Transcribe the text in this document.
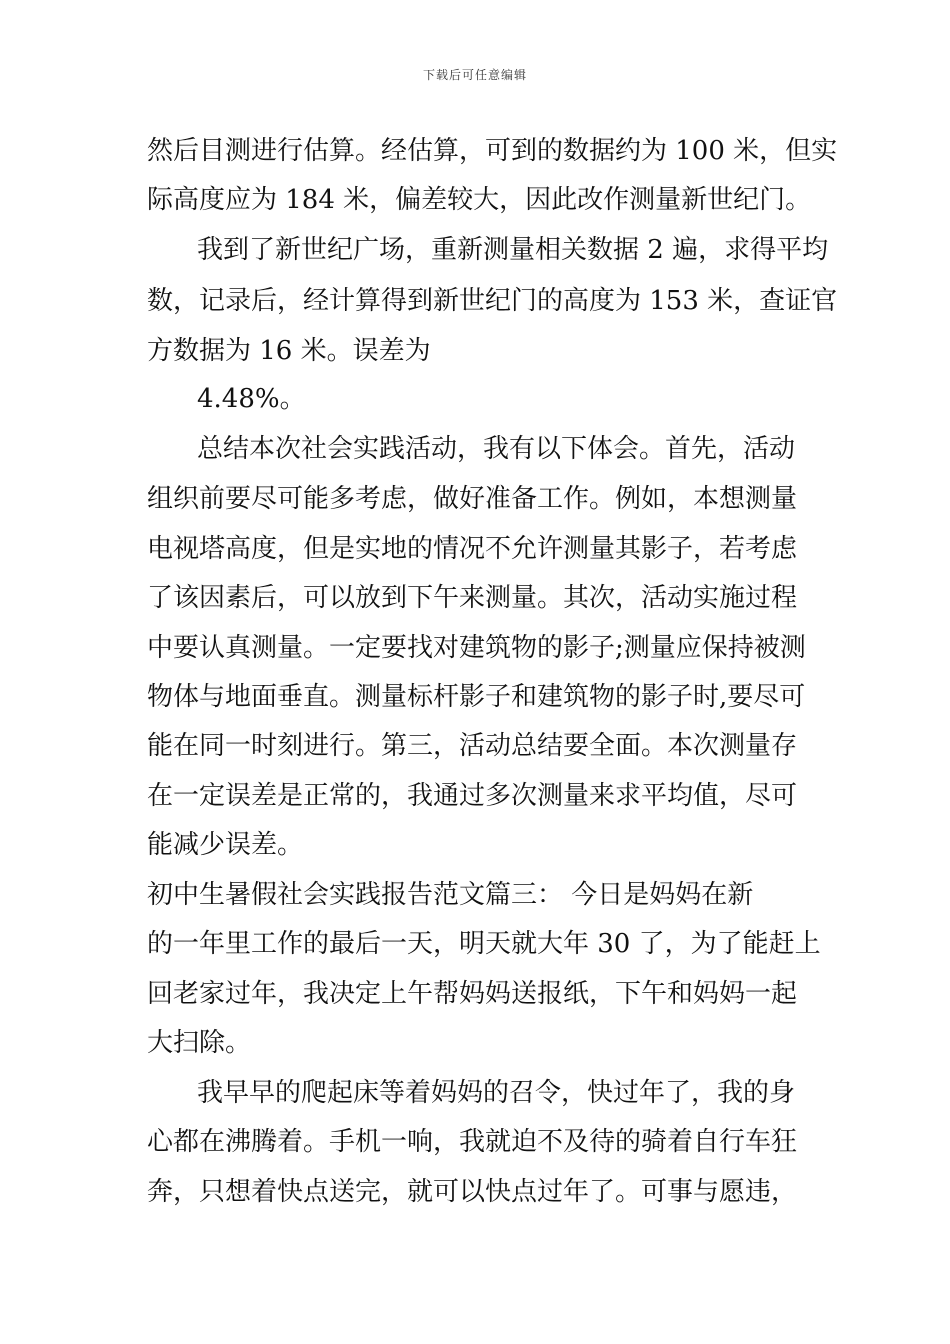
下载后可任意编辑
然后目测进行估算。经估算，可到的数据约为 100 米，但实
际高度应为 184 米，偏差较大，因此改作测量新世纪门。
我到了新世纪广场，重新测量相关数据 2 遍，求得平均
数，记录后，经计算得到新世纪门的高度为 153 米，查证官
方数据为 16 米。误差为
4.48%。
总结本次社会实践活动，我有以下体会。首先，活动
组织前要尽可能多考虑，做好准备工作。例如，本想测量
电视塔高度，但是实地的情况不允许测量其影子，若考虑
了该因素后，可以放到下午来测量。其次，活动实施过程
中要认真测量。一定要找对建筑物的影子;测量应保持被测
物体与地面垂直。测量标杆影子和建筑物的影子时,要尽可
能在同一时刻进行。第三，活动总结要全面。本次测量存
在一定误差是正常的，我通过多次测量来求平均值，尽可
能减少误差。
初中生暑假社会实践报告范文篇三： 今日是妈妈在新
的一年里工作的最后一天，明天就大年 30 了，为了能赶上
回老家过年，我决定上午帮妈妈送报纸，下午和妈妈一起
大扫除。
我早早的爬起床等着妈妈的召令，快过年了，我的身
心都在沸腾着。手机一响，我就迫不及待的骑着自行车狂
奔，只想着快点送完，就可以快点过年了。可事与愿违，
